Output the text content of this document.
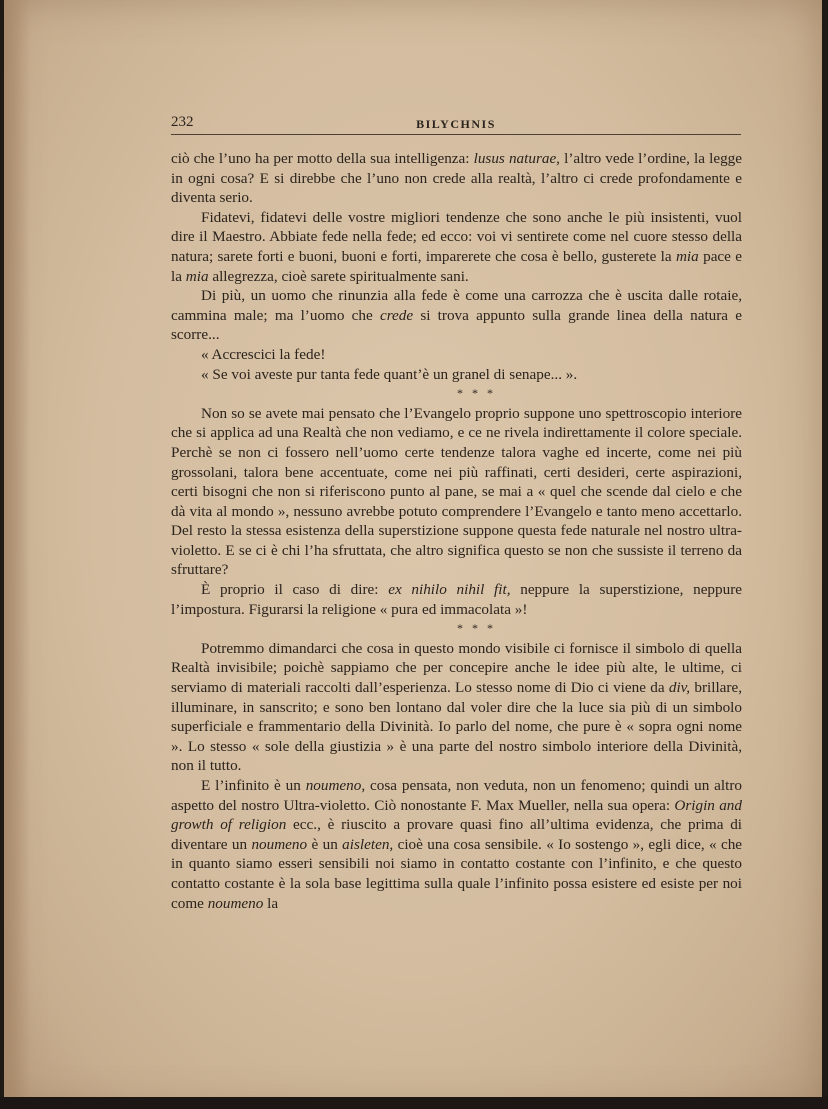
232	BILYCHNIS

ciò che l’uno ha per motto della sua intelligenza: lusus naturae, l’altro vede l’ordine, la legge in ogni cosa? E si direbbe che l’uno non crede alla realtà, l’altro ci crede profondamente e diventa serio.

Fidatevi, fidatevi delle vostre migliori tendenze che sono anche le più insistenti, vuol dire il Maestro. Abbiate fede nella fede; ed ecco: voi vi sentirete come nel cuore stesso della natura; sarete forti e buoni, buoni e forti, imparerete che cosa è bello, gusterete la mia pace e la mia allegrezza, cioè sarete spiritualmente sani.

Di più, un uomo che rinunzia alla fede è come una carrozza che è uscita dalle rotaie, cammina male; ma l’uomo che crede si trova appunto sulla grande linea della natura e scorre...

« Accrescici la fede!

« Se voi aveste pur tanta fede quant’è un granel di senape... ».

* * *

Non so se avete mai pensato che l’Evangelo proprio suppone uno spettroscopio interiore che si applica ad una Realtà che non vediamo, e ce ne rivela indirettamente il colore speciale. Perchè se non ci fossero nell’uomo certe tendenze talora vaghe ed incerte, come nei più grossolani, talora bene accentuate, come nei più raffinati, certi desideri, certe aspirazioni, certi bisogni che non si riferiscono punto al pane, se mai a « quel che scende dal cielo e che dà vita al mondo », nessuno avrebbe potuto comprendere l’Evangelo e tanto meno accettarlo. Del resto la stessa esistenza della superstizione suppone questa fede naturale nel nostro ultra-violetto. E se ci è chi l’ha sfruttata, che altro significa questo se non che sussiste il terreno da sfruttare?

È proprio il caso di dire: ex nihilo nihil fit, neppure la superstizione, neppure l’impostura. Figurarsi la religione « pura ed immacolata »!

* * *

Potremmo dimandarci che cosa in questo mondo visibile ci fornisce il simbolo di quella Realtà invisibile; poichè sappiamo che per concepire anche le idee più alte, le ultime, ci serviamo di materiali raccolti dall’esperienza. Lo stesso nome di Dio ci viene da div, brillare, illuminare, in sanscrito; e sono ben lontano dal voler dire che la luce sia più di un simbolo superficiale e frammentario della Divinità. Io parlo del nome, che pure è « sopra ogni nome ». Lo stesso « sole della giustizia » è una parte del nostro simbolo interiore della Divinità, non il tutto.

E l’infinito è un noumeno, cosa pensata, non veduta, non un fenomeno; quindi un altro aspetto del nostro Ultra-violetto. Ciò nonostante F. Max Mueller, nella sua opera: Origin and growth of religion ecc., è riuscito a provare quasi fino all’ultima evidenza, che prima di diventare un noumeno è un aisleten, cioè una cosa sensibile. « Io sostengo », egli dice, « che in quanto siamo esseri sensibili noi siamo in contatto costante con l’infinito, e che questo contatto costante è la sola base legittima sulla quale l’infinito possa esistere ed esiste per noi come noumeno la
